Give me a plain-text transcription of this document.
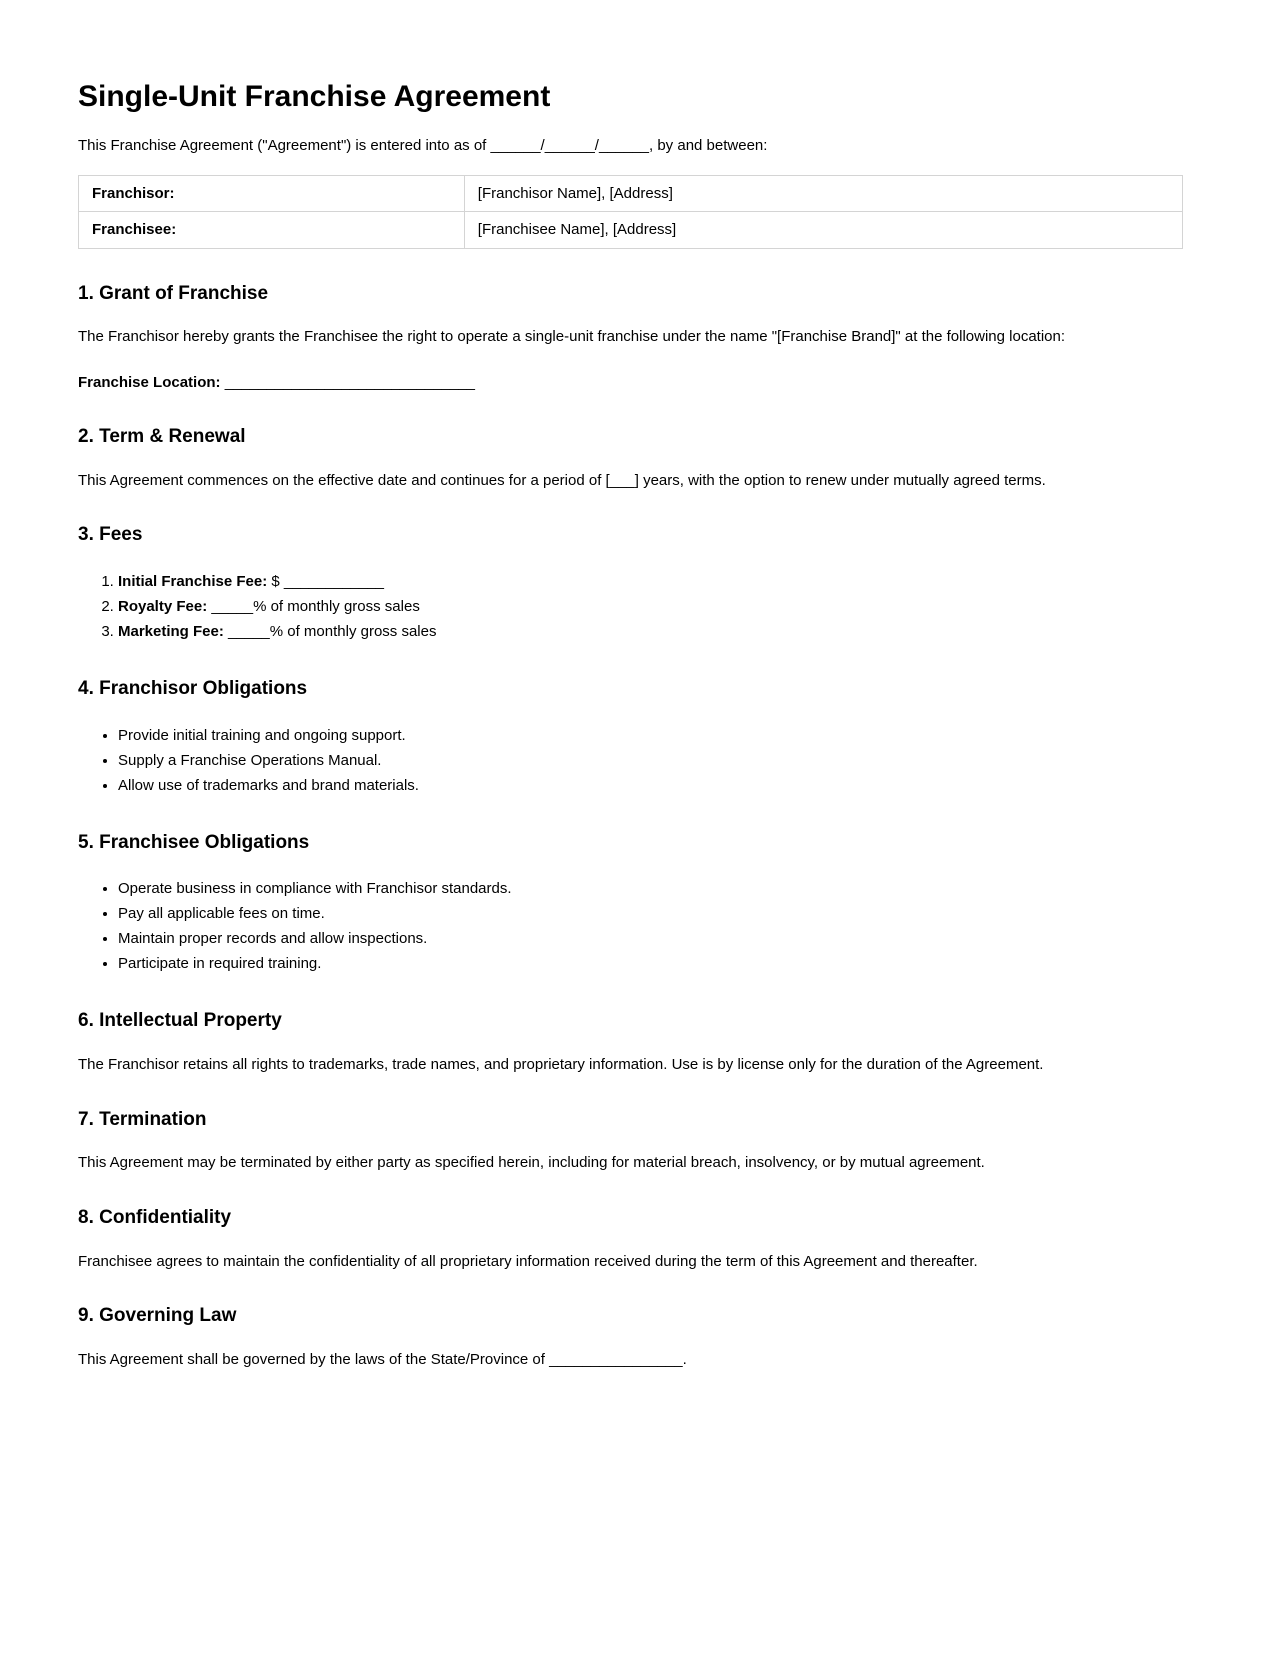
Single-Unit Franchise Agreement

This Franchise Agreement ("Agreement") is entered into as of ______/______/______, by and between:

Franchisor:	[Franchisor Name], [Address]
Franchisee:	[Franchisee Name], [Address]
1. Grant of Franchise

The Franchisor hereby grants the Franchisee the right to operate a single-unit franchise under the name "[Franchise Brand]" at the following location:

Franchise Location: ______________________________

2. Term & Renewal

This Agreement commences on the effective date and continues for a period of [___] years, with the option to renew under mutually agreed terms.

3. Fees
1. Initial Franchise Fee: $ ____________
2. Royalty Fee: _____% of monthly gross sales
3. Marketing Fee: _____% of monthly gross sales
4. Franchisor Obligations
• Provide initial training and ongoing support.
• Supply a Franchise Operations Manual.
• Allow use of trademarks and brand materials.
5. Franchisee Obligations
• Operate business in compliance with Franchisor standards.
• Pay all applicable fees on time.
• Maintain proper records and allow inspections.
• Participate in required training.
6. Intellectual Property

The Franchisor retains all rights to trademarks, trade names, and proprietary information. Use is by license only for the duration of the Agreement.

7. Termination

This Agreement may be terminated by either party as specified herein, including for material breach, insolvency, or by mutual agreement.

8. Confidentiality

Franchisee agrees to maintain the confidentiality of all proprietary information received during the term of this Agreement and thereafter.

9. Governing Law

This Agreement shall be governed by the laws of the State/Province of ________________.
